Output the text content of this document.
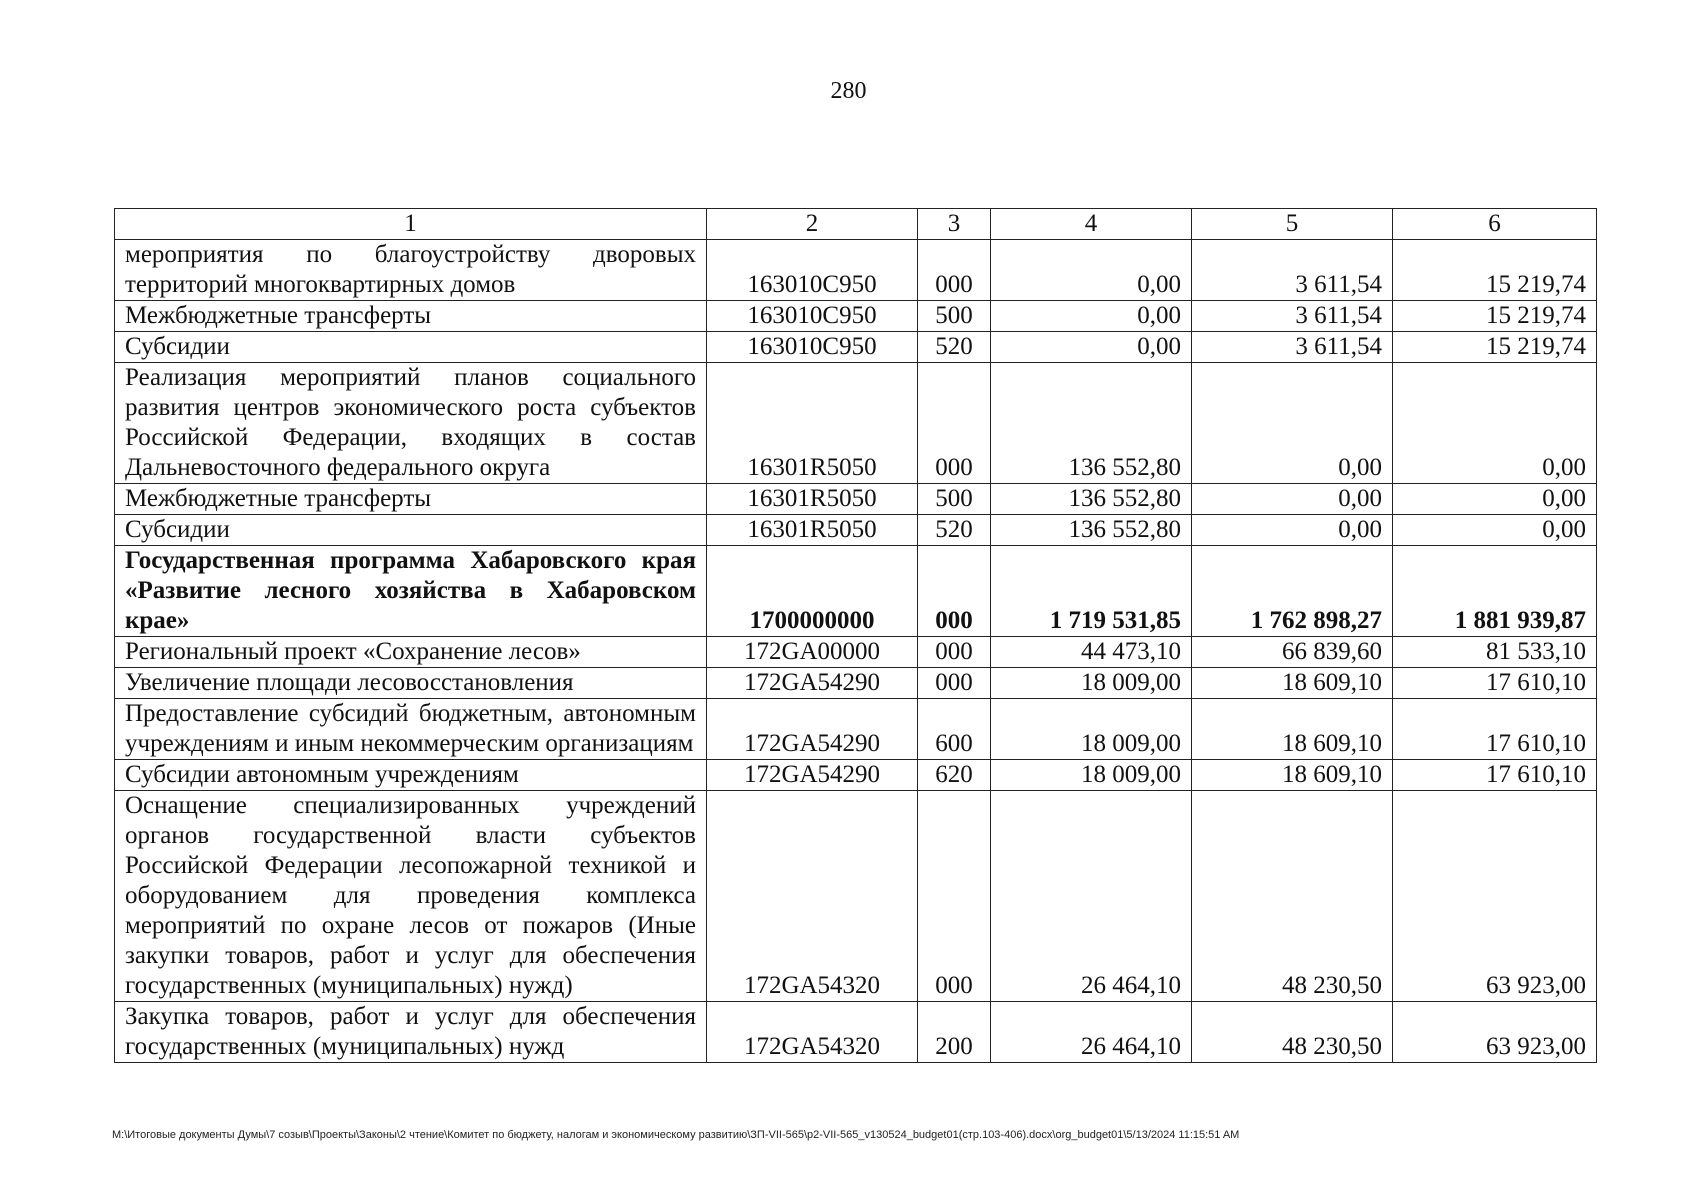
280
1	2	3	4	5	6
мероприятия по благоустройству дворовых территорий многоквартирных домов	163010С950	000	0,00	3 611,54	15 219,74
Межбюджетные трансферты	163010С950	500	0,00	3 611,54	15 219,74
Субсидии	163010С950	520	0,00	3 611,54	15 219,74
Реализация мероприятий планов социального развития центров экономического роста субъектов Российской Федерации, входящих в состав Дальневосточного федерального округа	16301R5050	000	136 552,80	0,00	0,00
Межбюджетные трансферты	16301R5050	500	136 552,80	0,00	0,00
Субсидии	16301R5050	520	136 552,80	0,00	0,00
Государственная программа Хабаровского края «Развитие лесного хозяйства в Хабаровском крае»	1700000000	000	1 719 531,85	1 762 898,27	1 881 939,87
Региональный проект «Сохранение лесов»	172GA00000	000	44 473,10	66 839,60	81 533,10
Увеличение площади лесовосстановления	172GA54290	000	18 009,00	18 609,10	17 610,10
Предоставление субсидий бюджетным, автономным учреждениям и иным некоммерческим организациям	172GA54290	600	18 009,00	18 609,10	17 610,10
Субсидии автономным учреждениям	172GA54290	620	18 009,00	18 609,10	17 610,10
Оснащение специализированных учреждений органов государственной власти субъектов Российской Федерации лесопожарной техникой и оборудованием для проведения комплекса мероприятий по охране лесов от пожаров (Иные закупки товаров, работ и услуг для обеспечения государственных (муниципальных) нужд)	172GA54320	000	26 464,10	48 230,50	63 923,00
Закупка товаров, работ и услуг для обеспечения государственных (муниципальных) нужд	172GA54320	200	26 464,10	48 230,50	63 923,00
M:\Итоговые документы Думы\7 созыв\Проекты\Законы\2 чтение\Комитет по бюджету, налогам и экономическому развитию\ЗП-VII-565\р2-VII-565_v130524_budget01(стр.103-406).docx\org_budget01\5/13/2024 11:15:51 AM
